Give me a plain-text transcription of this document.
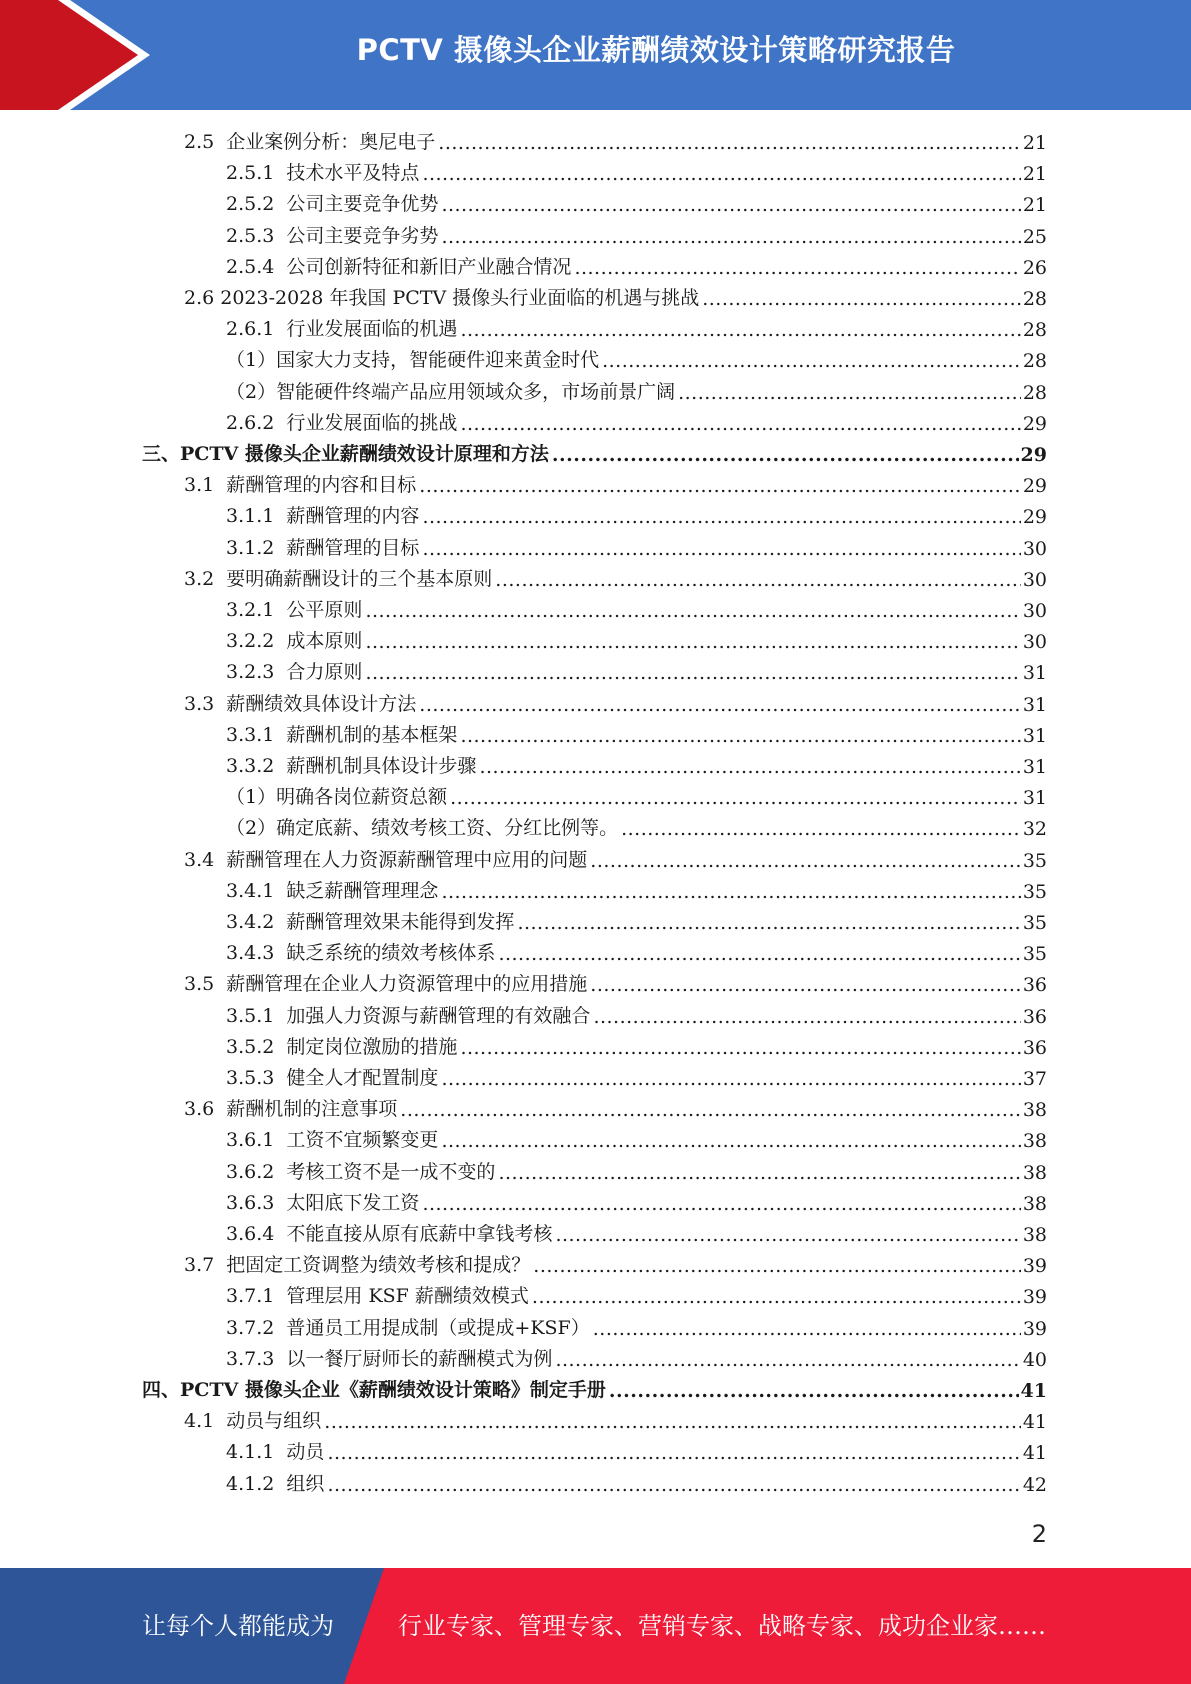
PCTV 摄像头企业薪酬绩效设计策略研究报告
2.5  企业案例分析：奥尼电子 .....	21
2.5.1  技术水平及特点 .....	21
2.5.2  公司主要竞争优势 .....	21
2.5.3  公司主要竞争劣势 .....	25
2.5.4  公司创新特征和新旧产业融合情况 .....	26
2.6 2023-2028 年我国 PCTV 摄像头行业面临的机遇与挑战 .....	28
2.6.1  行业发展面临的机遇 .....	28
（1）国家大力支持，智能硬件迎来黄金时代 .....	28
（2）智能硬件终端产品应用领域众多，市场前景广阔 .....	28
2.6.2  行业发展面临的挑战 .....	29
三、PCTV 摄像头企业薪酬绩效设计原理和方法 .....	29
3.1  薪酬管理的内容和目标 .....	29
3.1.1  薪酬管理的内容 .....	29
3.1.2  薪酬管理的目标 .....	30
3.2  要明确薪酬设计的三个基本原则 .....	30
3.2.1  公平原则 .....	30
3.2.2  成本原则 .....	30
3.2.3  合力原则 .....	31
3.3  薪酬绩效具体设计方法 .....	31
3.3.1  薪酬机制的基本框架 .....	31
3.3.2  薪酬机制具体设计步骤 .....	31
（1）明确各岗位薪资总额 .....	31
（2）确定底薪、绩效考核工资、分红比例等。 .....	32
3.4  薪酬管理在人力资源薪酬管理中应用的问题 .....	35
3.4.1  缺乏薪酬管理理念 .....	35
3.4.2  薪酬管理效果未能得到发挥 .....	35
3.4.3  缺乏系统的绩效考核体系 .....	35
3.5  薪酬管理在企业人力资源管理中的应用措施 .....	36
3.5.1  加强人力资源与薪酬管理的有效融合 .....	36
3.5.2  制定岗位激励的措施 .....	36
3.5.3  健全人才配置制度 .....	37
3.6  薪酬机制的注意事项 .....	38
3.6.1  工资不宜频繁变更 .....	38
3.6.2  考核工资不是一成不变的 .....	38
3.6.3  太阳底下发工资 .....	38
3.6.4  不能直接从原有底薪中拿钱考核 .....	38
3.7  把固定工资调整为绩效考核和提成？ .....	39
3.7.1  管理层用 KSF 薪酬绩效模式 .....	39
3.7.2  普通员工用提成制（或提成+KSF） .....	39
3.7.3  以一餐厅厨师长的薪酬模式为例 .....	40
四、PCTV 摄像头企业《薪酬绩效设计策略》制定手册 .....	41
4.1  动员与组织 .....	41
4.1.1  动员 .....	41
4.1.2  组织 .....	42
2
让每个人都能成为	行业专家、管理专家、营销专家、战略专家、成功企业家……
